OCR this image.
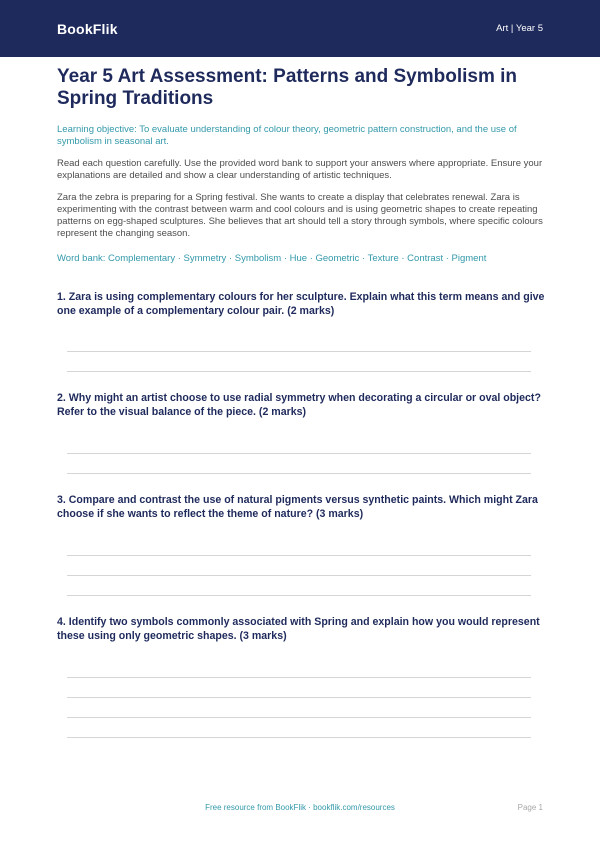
BookFlik	Art | Year 5
Year 5 Art Assessment: Patterns and Symbolism in Spring Traditions

Learning objective: To evaluate understanding of colour theory, geometric pattern construction, and the use of symbolism in seasonal art.

Read each question carefully. Use the provided word bank to support your answers where appropriate. Ensure your explanations are detailed and show a clear understanding of artistic techniques.

Zara the zebra is preparing for a Spring festival. She wants to create a display that celebrates renewal. Zara is experimenting with the contrast between warm and cool colours and is using geometric shapes to create repeating patterns on egg-shaped sculptures. She believes that art should tell a story through symbols, where specific colours represent the changing season.

Word bank: Complementary · Symmetry · Symbolism · Hue · Geometric · Texture · Contrast · Pigment

1. Zara is using complementary colours for her sculpture. Explain what this term means and give one example of a complementary colour pair. (2 marks)

2. Why might an artist choose to use radial symmetry when decorating a circular or oval object? Refer to the visual balance of the piece. (2 marks)

3. Compare and contrast the use of natural pigments versus synthetic paints. Which might Zara choose if she wants to reflect the theme of nature? (3 marks)

4. Identify two symbols commonly associated with Spring and explain how you would represent these using only geometric shapes. (3 marks)

Free resource from BookFlik · bookflik.com/resources	Page 1
